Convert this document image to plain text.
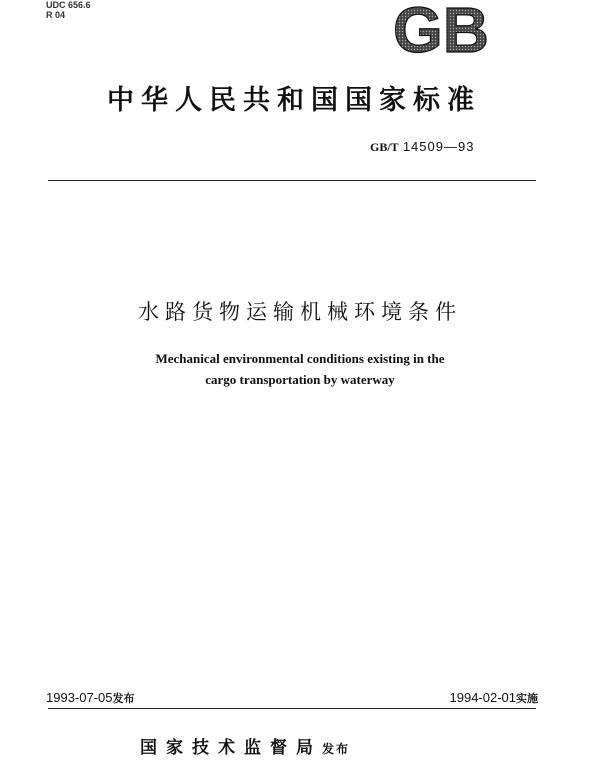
UDC 656.6
R 04	GB
中华人民共和国国家标准
GB/T 14509—93
水路货物运输机械环境条件
Mechanical environmental conditions existing in the
cargo transportation by waterway
1993-07-05发布	1994-02-01实施
国家技术监督局发布
